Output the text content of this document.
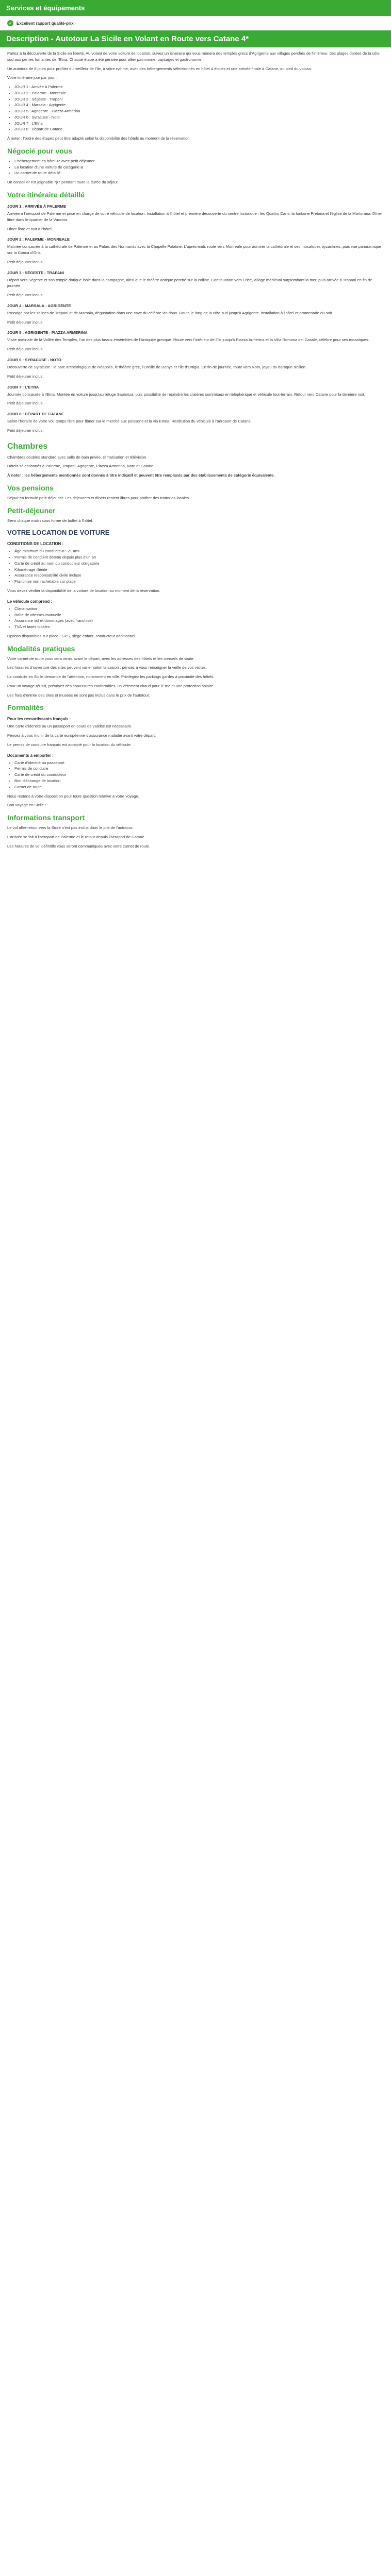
Services et équipements
✓	Excellent rapport qualité-prix
Description - Autotour La Sicile en Volant en Route vers Catane 4*

Partez à la découverte de la Sicile en liberté. Au volant de votre voiture de location, suivez un itinéraire qui vous mènera des temples grecs d'Agrigente aux villages perchés de l'intérieur, des plages dorées de la côte sud aux pentes fumantes de l'Etna. Chaque étape a été pensée pour allier patrimoine, paysages et gastronomie.

Un autotour de 8 jours pour profiter du meilleur de l'île, à votre rythme, avec des hébergements sélectionnés en hôtel 4 étoiles et une arrivée finale à Catane, au pied du volcan.

Votre itinéraire jour par jour :

• JOUR 1 : Arrivée à Palerme
• JOUR 2 : Palerme - Monreale
• JOUR 3 : Ségeste - Trapani
• JOUR 4 : Marsala - Agrigente
• JOUR 5 : Agrigente - Piazza Armerina
• JOUR 6 : Syracuse - Noto
• JOUR 7 : L'Etna
• JOUR 8 : Départ de Catane

À noter : l'ordre des étapes peut être adapté selon la disponibilité des hôtels au moment de la réservation.

Négocié pour vous
• L'hébergement en hôtel 4* avec petit-déjeuner
• La location d'une voiture de catégorie B
• Un carnet de route détaillé

Un conseiller est joignable 7j/7 pendant toute la durée du séjour.

Votre itinéraire détaillé
JOUR 1 : ARRIVÉE À PALERME

Arrivée à l'aéroport de Palerme et prise en charge de votre véhicule de location. Installation à l'hôtel et première découverte du centre historique : les Quattro Canti, la fontaine Pretoria et l'église de la Martorana. Dîner libre dans le quartier de la Vucciria.

Dîner libre et nuit à l'hôtel.

JOUR 2 : PALERME - MONREALE

Matinée consacrée à la cathédrale de Palerme et au Palais des Normands avec la Chapelle Palatine. L'après-midi, route vers Monreale pour admirer la cathédrale et ses mosaïques byzantines, puis vue panoramique sur la Conca d'Oro.

Petit déjeuner inclus.

JOUR 3 : SÉGESTE - TRAPANI

Départ vers Ségeste et son temple dorique isolé dans la campagne, ainsi que le théâtre antique perché sur la colline. Continuation vers Erice, village médiéval surplombant la mer, puis arrivée à Trapani en fin de journée.

Petit déjeuner inclus.

JOUR 4 : MARSALA - AGRIGENTE

Passage par les salines de Trapani et de Marsala, dégustation dans une cave du célèbre vin doux. Route le long de la côte sud jusqu'à Agrigente, installation à l'hôtel et promenade du soir.

Petit déjeuner inclus.

JOUR 5 : AGRIGENTE - PIAZZA ARMERINA

Visite matinale de la Vallée des Temples, l'un des plus beaux ensembles de l'Antiquité grecque. Route vers l'intérieur de l'île jusqu'à Piazza Armerina et la Villa Romana del Casale, célèbre pour ses mosaïques.

Petit déjeuner inclus.

JOUR 6 : SYRACUSE - NOTO

Découverte de Syracuse : le parc archéologique de Néapolis, le théâtre grec, l'Oreille de Denys et l'île d'Ortigia. En fin de journée, route vers Noto, joyau du baroque sicilien.

Petit déjeuner inclus.

JOUR 7 : L'ETNA

Journée consacrée à l'Etna. Montée en voiture jusqu'au refuge Sapienza, puis possibilité de rejoindre les cratères sommitaux en téléphérique et véhicule tout-terrain. Retour vers Catane pour la dernière nuit.

Petit déjeuner inclus.

JOUR 8 : DÉPART DE CATANE

Selon l'horaire de votre vol, temps libre pour flâner sur le marché aux poissons et la via Etnea. Restitution du véhicule à l'aéroport de Catane.

Petit déjeuner inclus.

Chambres

Chambres doubles standard avec salle de bain privée, climatisation et télévision.

Hôtels sélectionnés à Palerme, Trapani, Agrigente, Piazza Armerina, Noto et Catane.

À noter : les hébergements mentionnés sont donnés à titre indicatif et peuvent être remplacés par des établissements de catégorie équivalente.

Vos pensions

Séjour en formule petit-déjeuner. Les déjeuners et dîners restent libres pour profiter des trattorias locales.

Petit-déjeuner

Servi chaque matin sous forme de buffet à l'hôtel.

VOTRE LOCATION DE VOITURE
CONDITIONS DE LOCATION :
• Âge minimum du conducteur : 21 ans
• Permis de conduire détenu depuis plus d'un an
• Carte de crédit au nom du conducteur obligatoire
• Kilométrage illimité
• Assurance responsabilité civile incluse
• Franchise non rachetable sur place

Vous devez vérifier la disponibilité de la voiture de location au moment de la réservation.

Le véhicule comprend :
• Climatisation
• Boîte de vitesses manuelle
• Assurance vol et dommages (avec franchise)
• TVA et taxes locales

Options disponibles sur place : GPS, siège enfant, conducteur additionnel.

Modalités pratiques

Votre carnet de route vous sera remis avant le départ, avec les adresses des hôtels et les conseils de visite.

Les horaires d'ouverture des sites peuvent varier selon la saison : pensez à vous renseigner la veille de vos visites.

La conduite en Sicile demande de l'attention, notamment en ville. Privilégiez les parkings gardés à proximité des hôtels.

Pour un voyage réussi, prévoyez des chaussures confortables, un vêtement chaud pour l'Etna et une protection solaire.

Les frais d'entrée des sites et musées ne sont pas inclus dans le prix de l'autotour.

Formalités
Pour les ressortissants français :

Une carte d'identité ou un passeport en cours de validité est nécessaire.

Pensez à vous munir de la carte européenne d'assurance maladie avant votre départ.

Le permis de conduire français est accepté pour la location du véhicule.

Documents à emporter :
• Carte d'identité ou passeport
• Permis de conduire
• Carte de crédit du conducteur
• Bon d'échange de location
• Carnet de route

Nous restons à votre disposition pour toute question relative à votre voyage.

Bon voyage en Sicile !

Informations transport

Le vol aller-retour vers la Sicile n'est pas inclus dans le prix de l'autotour.

L'arrivée se fait à l'aéroport de Palerme et le retour depuis l'aéroport de Catane.

Les horaires de vol définitifs vous seront communiqués avec votre carnet de route.
